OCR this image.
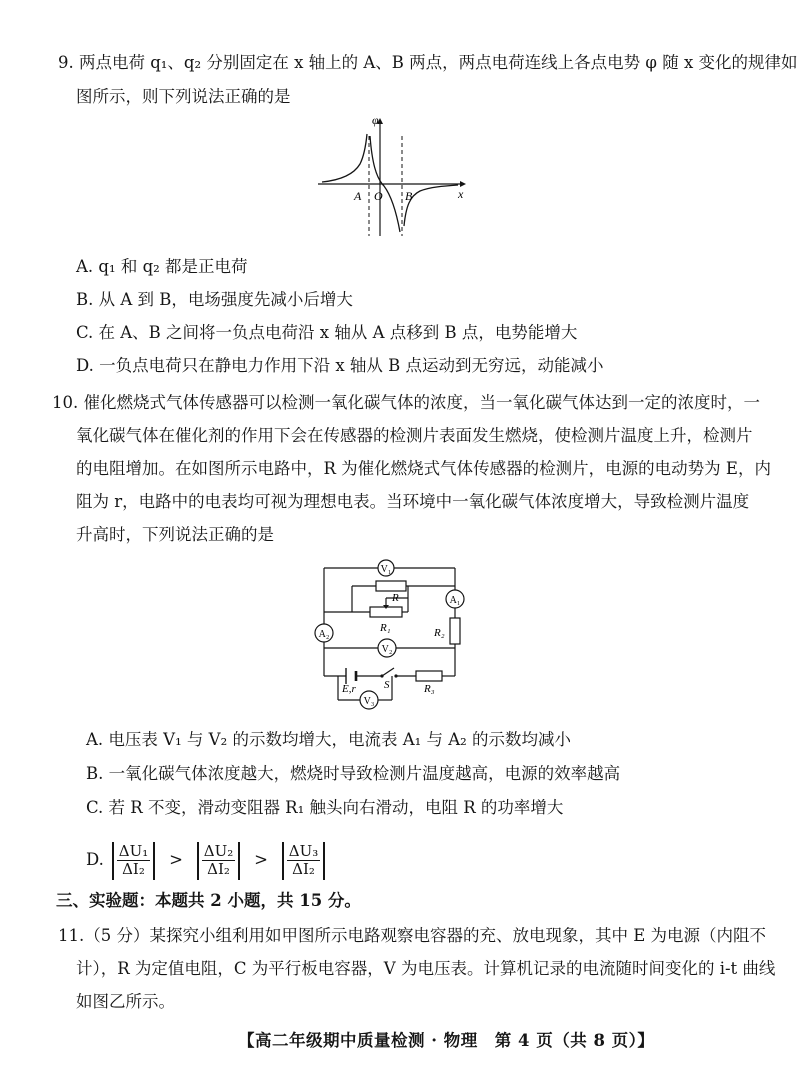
9. 两点电荷 q₁、q₂ 分别固定在 x 轴上的 A、B 两点，两点电荷连线上各点电势 φ 随 x 变化的规律如
图所示，则下列说法正确的是
φ
x
A O B
A. q₁ 和 q₂ 都是正电荷
B. 从 A 到 B，电场强度先减小后增大
C. 在 A、B 之间将一负点电荷沿 x 轴从 A 点移到 B 点，电势能增大
D. 一负点电荷只在静电力作用下沿 x 轴从 B 点运动到无穷远，动能减小
10. 催化燃烧式气体传感器可以检测一氧化碳气体的浓度，当一氧化碳气体达到一定的浓度时，一
氧化碳气体在催化剂的作用下会在传感器的检测片表面发生燃烧，使检测片温度上升，检测片
的电阻增加。在如图所示电路中，R 为催化燃烧式气体传感器的检测片，电源的电动势为 E，内
阻为 r，电路中的电表均可视为理想电表。当环境中一氧化碳气体浓度增大，导致检测片温度
升高时，下列说法正确的是
V₁
A₁
A₂
V₂
V₃
R
R₁	R₂
R₃
S
E,r
A. 电压表 V₁ 与 V₂ 的示数均增大，电流表 A₁ 与 A₂ 的示数均减小
B. 一氧化碳气体浓度越大，燃烧时导致检测片温度越高，电源的效率越高
C. 若 R 不变，滑动变阻器 R₁ 触头向右滑动，电阻 R 的功率增大
D. $\frac{\text{ΔU₁}}{\text{ΔI₂}} > \frac{\text{ΔU₂}}{\text{ΔI₂}} > \frac{\text{ΔU₃}}{\text{ΔI₂}}$
三、实验题：本题共 2 小题，共 15 分。
11.（5 分）某探究小组利用如甲图所示电路观察电容器的充、放电现象，其中 E 为电源（内阻不
计），R 为定值电阻，C 为平行板电容器，V 为电压表。计算机记录的电流随时间变化的 i-t 曲线
如图乙所示。
【高二年级期中质量检测 · 物理　第 4 页（共 8 页）】
